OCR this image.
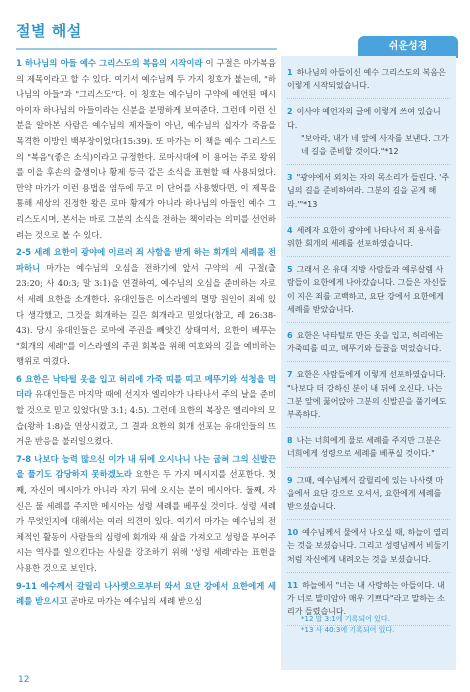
절별 해설
쉬운성경

1 하나님의 아들 예수 그리스도의 복음의 시작이라 이 구절은 마가복음의 제목이라고 할 수 있다. 여기서 예수님께 두 가지 칭호가 붙는데, "하나님의 아들"과 "그리스도"다. 이 칭호는 예수님이 구약에 예언된 메시아이자 하나님의 아들이라는 신분을 분명하게 보여준다. 그런데 이런 신분을 알아본 사람은 예수님의 제자들이 아닌, 예수님의 십자가 죽음을 목격한 이방인 백부장이었다(15:39). 또 마가는 이 책을 예수 그리스도의 "복음"(좋은 소식)이라고 규정한다. 로마시대에 이 용어는 주로 왕위를 이을 후손의 출생이나 황제 등극 같은 소식을 표현할 때 사용되었다. 만약 마가가 이런 용법을 염두에 두고 이 단어를 사용했다면, 이 제목을 통해 세상의 진정한 왕은 로마 황제가 아니라 하나님의 아들인 예수 그리스도시며, 본서는 바로 그분의 소식을 전하는 책이라는 의미를 선언하려는 것으로 볼 수 있다.

2-5 세례 요한이 광야에 이르러 죄 사함을 받게 하는 회개의 세례를 전파하니 마가는 예수님의 오심을 전하기에 앞서 구약의 세 구절(출 23:20; 사 40:3; 말 3:1)을 연결하여, 예수님의 오심을 준비하는 자로서 세례 요한을 소개한다. 유대인들은 이스라엘의 멸망 원인이 죄에 있다 생각했고, 그것을 회개하는 길은 회개라고 믿었다(참고, 레 26:38-43). 당시 유대인들은 로마에 주권을 빼앗긴 상태여서, 요한이 베푸는 "회개의 세례"를 이스라엘의 주권 회복을 위해 여호와의 길을 예비하는 행위로 여겼다.

6 요한은 낙타털 옷을 입고 허리에 가죽 띠를 띠고 메뚜기와 석청을 먹더라 유대인들은 마지막 때에 선지자 엘리야가 나타나서 주의 날을 준비할 것으로 믿고 있었다(말 3:1; 4:5). 그런데 요한의 복장은 엘리야의 모습(왕하 1:8)을 연상시켰고, 그 결과 요한의 회개 선포는 유대인들의 뜨거운 반응을 불러일으켰다.

7-8 나보다 능력 많으신 이가 내 뒤에 오시나니 나는 굽혀 그의 신발끈을 풀기도 감당하지 못하겠노라 요한은 두 가지 메시지를 선포한다. 첫째, 자신이 메시아가 아니라 자기 뒤에 오시는 분이 메시아다. 둘째, 자신은 물 세례를 주지만 메시아는 성령 세례를 베푸실 것이다. 성령 세례가 무엇인지에 대해서는 여러 의견이 있다. 여기서 마가는 예수님의 전체적인 활동이 사람들의 심령에 회개와 새 삶을 가져오고 성령을 부어주시는 역사를 일으킨다는 사실을 강조하기 위해 '성령 세례'라는 표현을 사용한 것으로 보인다.

9-11 예수께서 갈릴리 나사렛으로부터 와서 요단 강에서 요한에게 세례를 받으시고 곧바로 마가는 예수님의 세례 받으심

1 하나님의 아들이신 예수 그리스도의 복음은 이렇게 시작되었습니다.
2 이사야 예언자의 글에 이렇게 쓰여 있습니다.
"보아라, 내가 네 앞에 사자를 보낸다. 그가 네 길을 준비할 것이다."*12
3 "광야에서 외치는 자의 목소리가 들린다. '주님의 길을 준비하여라. 그분의 길을 곧게 해라.'"*13
4 세례자 요한이 광야에 나타나서 죄 용서를 위한 회개의 세례를 선포하였습니다.
5 그래서 온 유대 지방 사람들과 예루살렘 사람들이 요한에게 나아갔습니다. 그들은 자신들이 지은 죄를 고백하고, 요단 강에서 요한에게 세례를 받았습니다.
6 요한은 낙타털로 만든 옷을 입고, 허리에는 가죽띠를 띠고, 메뚜기와 들꿀을 먹었습니다.
7 요한은 사람들에게 이렇게 선포하였습니다. "나보다 더 강하신 분이 내 뒤에 오신다. 나는 그분 앞에 꿇어앉아 그분의 신발끈을 풀기에도 부족하다.
8 나는 너희에게 물로 세례를 주지만 그분은 너희에게 성령으로 세례를 베푸실 것이다."
9 그때, 예수님께서 갈릴리에 있는 나사렛 마을에서 요단 강으로 오셔서, 요한에게 세례를 받으셨습니다.
10 예수님께서 물에서 나오실 때, 하늘이 열리는 것을 보셨습니다. 그리고 성령님께서 비둘기처럼 자신에게 내려오는 것을 보셨습니다.
11 하늘에서 "너는 내 사랑하는 아들이다. 내가 너로 말미암아 매우 기쁘다"라고 말하는 소리가 들렸습니다.
*12 말 3:1에 기록되어 있다.
*13 사 40:3에 기록되어 있다.
12
